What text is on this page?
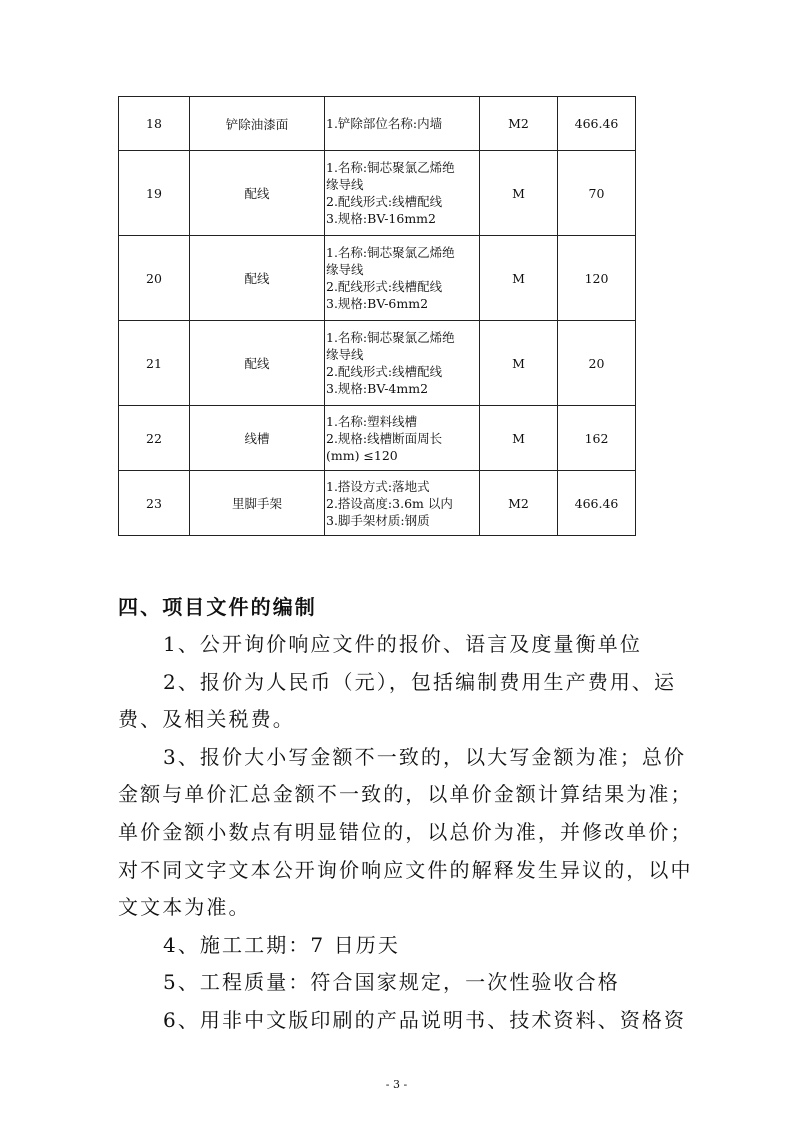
18	铲除油漆面	1.铲除部位名称:内墙	M2	466.46
19	配线	1.名称:铜芯聚氯乙烯绝
缘导线
2.配线形式:线槽配线
3.规格:BV-16mm2	M	70
20	配线	1.名称:铜芯聚氯乙烯绝
缘导线
2.配线形式:线槽配线
3.规格:BV-6mm2	M	120
21	配线	1.名称:铜芯聚氯乙烯绝
缘导线
2.配线形式:线槽配线
3.规格:BV-4mm2	M	20
22	线槽	1.名称:塑料线槽
2.规格:线槽断面周长
(mm) ≤120	M	162
23	里脚手架	1.搭设方式:落地式
2.搭设高度:3.6m 以内
3.脚手架材质:钢质	M2	466.46
四、项目文件的编制
1、公开询价响应文件的报价、语言及度量衡单位
2、报价为人民币（元），包括编制费用生产费用、运
费、及相关税费。
3、报价大小写金额不一致的，以大写金额为准；总价
金额与单价汇总金额不一致的，以单价金额计算结果为准；
单价金额小数点有明显错位的，以总价为准，并修改单价；
对不同文字文本公开询价响应文件的解释发生异议的，以中
文文本为准。
4、施工工期：7 日历天
5、工程质量：符合国家规定，一次性验收合格
6、用非中文版印刷的产品说明书、技术资料、资格资
- 3 -
